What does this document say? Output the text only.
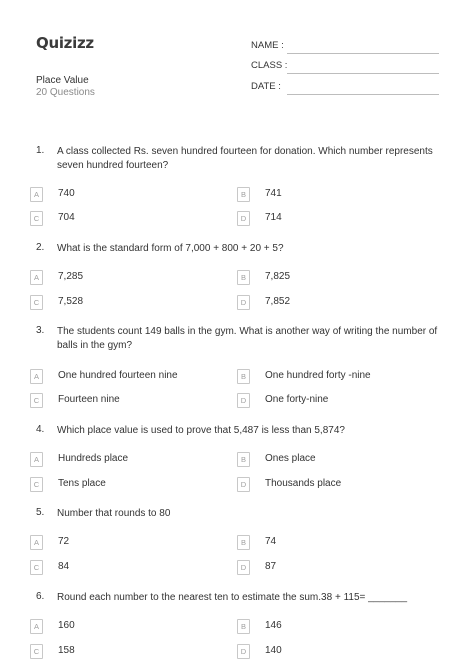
Quizizz
Place Value
20 Questions
NAME :
CLASS :
DATE :
1. A class collected Rs. seven hundred fourteen for donation. Which number represents seven hundred fourteen?
A	740	B	741
C	704	D	714
2. What is the standard form of 7,000 + 800 + 20 + 5?
A	7,285	B	7,825
C	7,528	D	7,852
3. The students count 149 balls in the gym. What is another way of writing the number of balls in the gym?
A	One hundred fourteen nine	B	One hundred forty -nine
C	Fourteen nine	D	One forty-nine
4. Which place value is used to prove that 5,487 is less than 5,874?
A	Hundreds place	B	Ones place
C	Tens place	D	Thousands place
5. Number that rounds to 80
A	72	B	74
C	84	D	87
6. Round each number to the nearest ten to estimate the sum.38 + 115= _______
A	160	B	146
C	158	D	140
